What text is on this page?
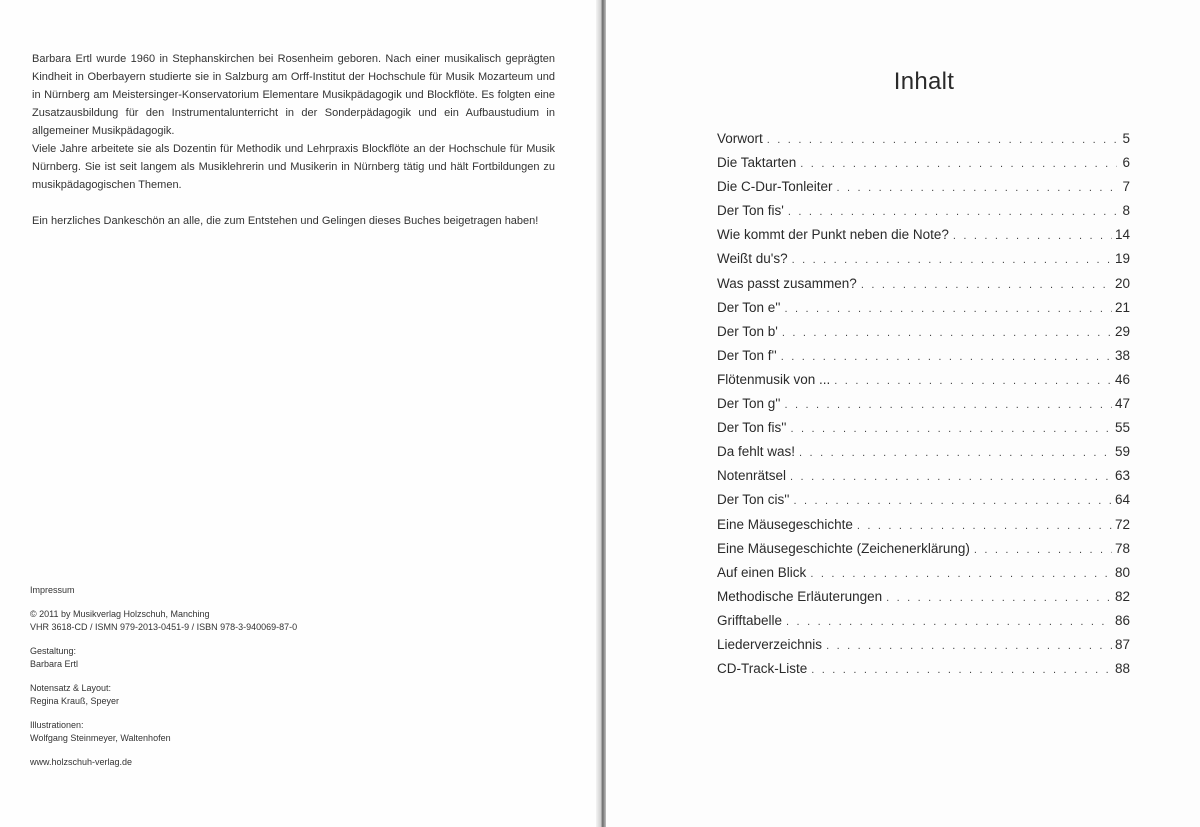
Barbara Ertl wurde 1960 in Stephanskirchen bei Rosenheim geboren. Nach einer musikalisch geprägten Kindheit in Oberbayern studierte sie in Salzburg am Orff-Institut der Hochschule für Musik Mozarteum und in Nürnberg am Meistersinger-Konservatorium Elementare Musikpädagogik und Blockflöte. Es folgten eine Zusatzausbildung für den Instrumentalunterricht in der Sonderpädagogik und ein Aufbaustudium in allgemeiner Musikpädagogik.

Viele Jahre arbeitete sie als Dozentin für Methodik und Lehrpraxis Blockflöte an der Hochschule für Musik Nürnberg. Sie ist seit langem als Musiklehrerin und Musikerin in Nürnberg tätig und hält Fortbildungen zu musikpädagogischen Themen.

Ein herzliches Dankeschön an alle, die zum Entstehen und Gelingen dieses Buches beigetragen haben!

Impressum
© 2011 by Musikverlag Holzschuh, Manching
VHR 3618-CD / ISMN 979-2013-0451-9 / ISBN 978-3-940069-87-0
Gestaltung:
Barbara Ertl
Notensatz & Layout:
Regina Krauß, Speyer
Illustrationen:
Wolfgang Steinmeyer, Waltenhofen
www.holzschuh-verlag.de
Inhalt
Vorwort . . .	5
Die Taktarten . . .	6
Die C-Dur-Tonleiter . . .	7
Der Ton fis' . . .	8
Wie kommt der Punkt neben die Note? . . .	14
Weißt du's? . . .	19
Was passt zusammen? . . .	20
Der Ton e'' . . .	21
Der Ton b' . . .	29
Der Ton f'' . . .	38
Flötenmusik von ... . . .	46
Der Ton g'' . . .	47
Der Ton fis'' . . .	55
Da fehlt was! . . .	59
Notenrätsel . . .	63
Der Ton cis'' . . .	64
Eine Mäusegeschichte . . .	72
Eine Mäusegeschichte (Zeichenerklärung) . . .	78
Auf einen Blick . . .	80
Methodische Erläuterungen . . .	82
Grifftabelle . . .	86
Liederverzeichnis . . .	87
CD-Track-Liste . . .	88
